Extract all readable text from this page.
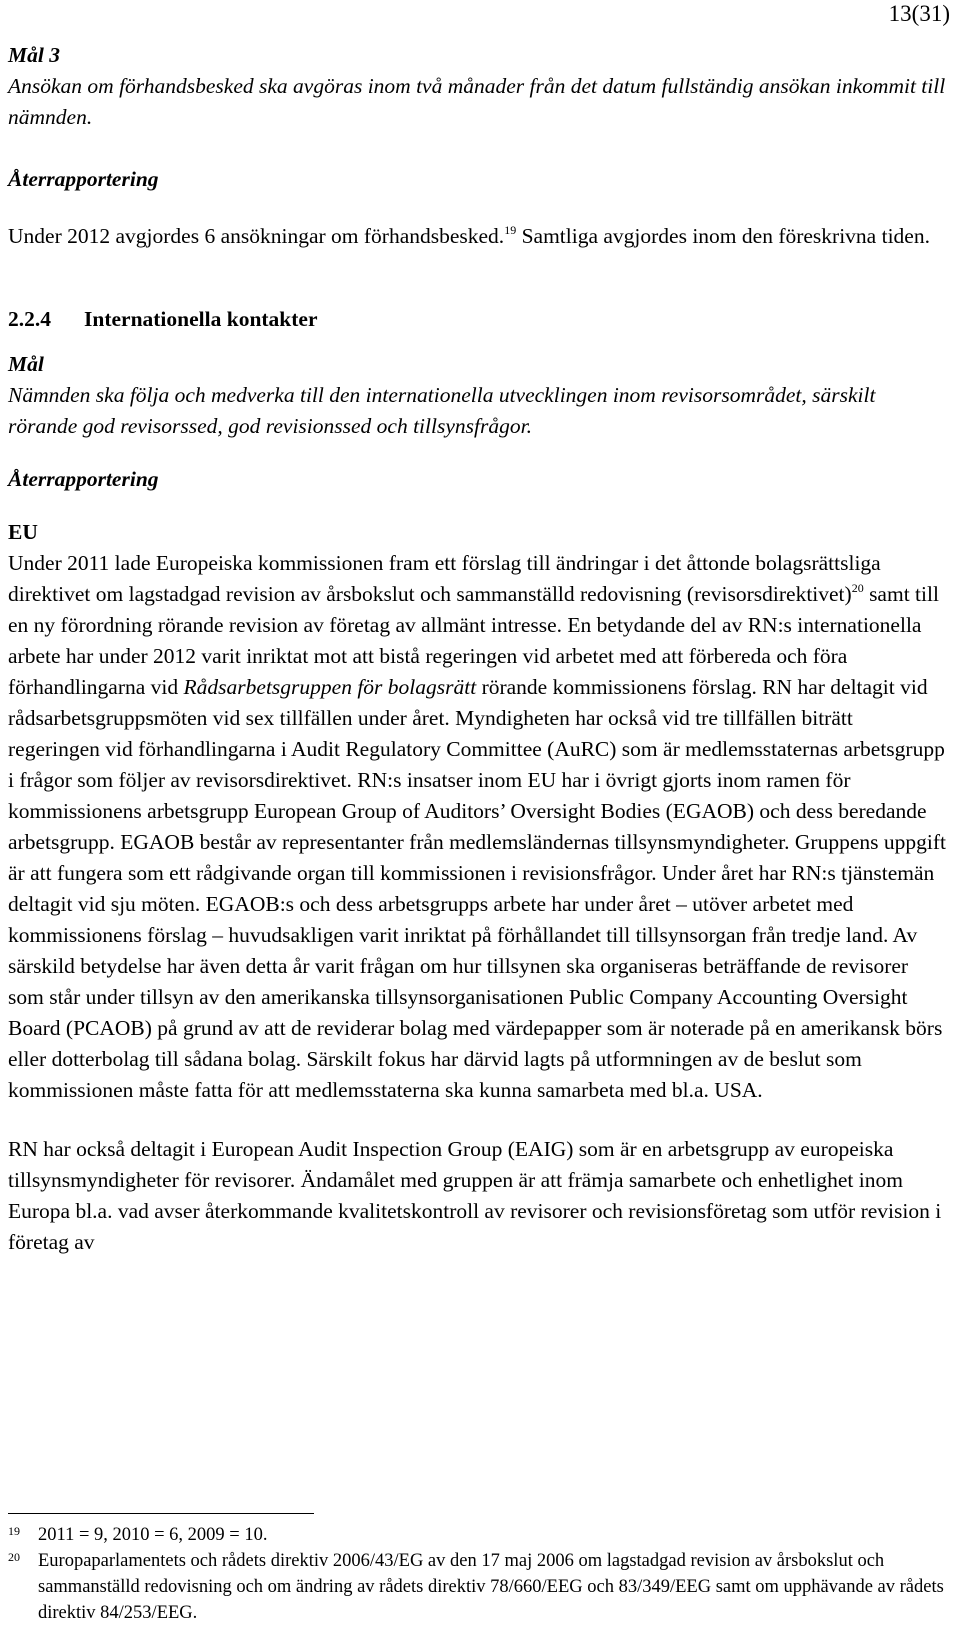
13(31)

Mål 3

Ansökan om förhandsbesked ska avgöras inom två månader från det datum fullständig ansökan inkommit till nämnden.

Återrapportering

Under 2012 avgjordes 6 ansökningar om förhandsbesked.$^{19}$ Samtliga avgjordes inom den föreskrivna tiden.

2.2.4	Internationella kontakter

Mål

Nämnden ska följa och medverka till den internationella utvecklingen inom revisorsområdet, särskilt rörande god revisorssed, god revisionssed och tillsynsfrågor.

Återrapportering

EU

Under 2011 lade Europeiska kommissionen fram ett förslag till ändringar i det åttonde bolagsrättsliga direktivet om lagstadgad revision av årsbokslut och sammanställd redovisning (revisorsdirektivet)$^{20}$ samt till en ny förordning rörande revision av företag av allmänt intresse. En betydande del av RN:s internationella arbete har under 2012 varit inriktat mot att bistå regeringen vid arbetet med att förbereda och föra förhandlingarna vid Rådsarbetsgruppen för bolagsrätt rörande kommissionens förslag. RN har deltagit vid rådsarbetsgruppsmöten vid sex tillfällen under året. Myndigheten har också vid tre tillfällen biträtt regeringen vid förhandlingarna i Audit Regulatory Committee (AuRC) som är medlemsstaternas arbetsgrupp i frågor som följer av revisorsdirektivet. RN:s insatser inom EU har i övrigt gjorts inom ramen för kommissionens arbetsgrupp European Group of Auditors’ Oversight Bodies (EGAOB) och dess beredande arbetsgrupp. EGAOB består av representanter från medlemsländernas tillsynsmyndigheter. Gruppens uppgift är att fungera som ett rådgivande organ till kommissionen i revisionsfrågor. Under året har RN:s tjänstemän deltagit vid sju möten. EGAOB:s och dess arbetsgrupps arbete har under året – utöver arbetet med kommissionens förslag – huvudsakligen varit inriktat på förhållandet till tillsynsorgan från tredje land. Av särskild betydelse har även detta år varit frågan om hur tillsynen ska organiseras beträffande de revisorer som står under tillsyn av den amerikanska tillsynsorganisationen Public Company Accounting Oversight Board (PCAOB) på grund av att de reviderar bolag med värdepapper som är noterade på en amerikansk börs eller dotterbolag till sådana bolag. Särskilt fokus har därvid lagts på utformningen av de beslut som kommissionen måste fatta för att medlemsstaterna ska kunna samarbeta med bl.a. USA.

RN har också deltagit i European Audit Inspection Group (EAIG) som är en arbetsgrupp av europeiska tillsynsmyndigheter för revisorer. Ändamålet med gruppen är att främja samarbete och enhetlighet inom Europa bl.a. vad avser återkommande kvalitetskontroll av revisorer och revisionsföretag som utför revision i företag av

19 2011 = 9, 2010 = 6, 2009 = 10.
20 Europaparlamentets och rådets direktiv 2006/43/EG av den 17 maj 2006 om lagstadgad revision av årsbokslut och sammanställd redovisning och om ändring av rådets direktiv 78/660/EEG och 83/349/EEG samt om upphävande av rådets direktiv 84/253/EEG.
